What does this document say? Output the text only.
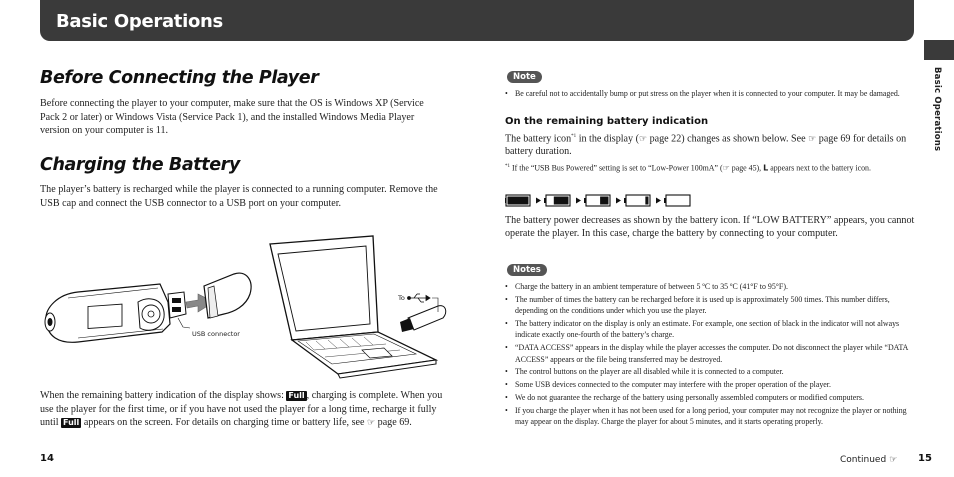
Basic Operations
Basic Operations
Before Connecting the Player
Before connecting the player to your computer, make sure that the OS is Windows XP (Service Pack 2 or later) or Windows Vista (Service Pack 1), and the installed Windows Media Player version on your computer is 11.
Charging the Battery
The player’s battery is recharged while the player is connected to a running computer. Remove the USB cap and connect the USB connector to a USB port on your computer.
USB connector
To
When the remaining battery indication of the display shows: Full , charging is complete. When you use the player for the first time, or if you have not used the player for a long time, recharge it fully until Full appears on the screen. For details on charging time or battery life, see ☞ page 69.
14
Note
• Be careful not to accidentally bump or put stress on the player when it is connected to your computer. It may be damaged.
On the remaining battery indication
The battery icon$^{*1}$ in the display (☞ page 22) changes as shown below. See ☞ page 69 for details on battery duration.
$^{*1}$ If the “USB Bus Powered” setting is set to “Low-Power 100mA” (☞ page 45), L appears next to the battery icon.
The battery power decreases as shown by the battery icon. If “LOW BATTERY” appears, you cannot operate the player. In this case, charge the battery by connecting to your computer.
Notes
• Charge the battery in an ambient temperature of between 5 ºC to 35 ºC (41°F to 95°F).
• The number of times the battery can be recharged before it is used up is approximately 500 times. This number differs, depending on the conditions under which you use the player.
• The battery indicator on the display is only an estimate. For example, one section of black in the indicator will not always indicate exactly one-fourth of the battery’s charge.
• “DATA ACCESS” appears in the display while the player accesses the computer. Do not disconnect the player while “DATA ACCESS” appears or the file being transferred may be destroyed.
• The control buttons on the player are all disabled while it is connected to a computer.
• Some USB devices connected to the computer may interfere with the proper operation of the player.
• We do not guarantee the recharge of the battery using personally assembled computers or modified computers.
• If you charge the player when it has not been used for a long period, your computer may not recognize the player or nothing may appear on the display. Charge the player for about 5 minutes, and it starts operating properly.
Continued ☞ 15
